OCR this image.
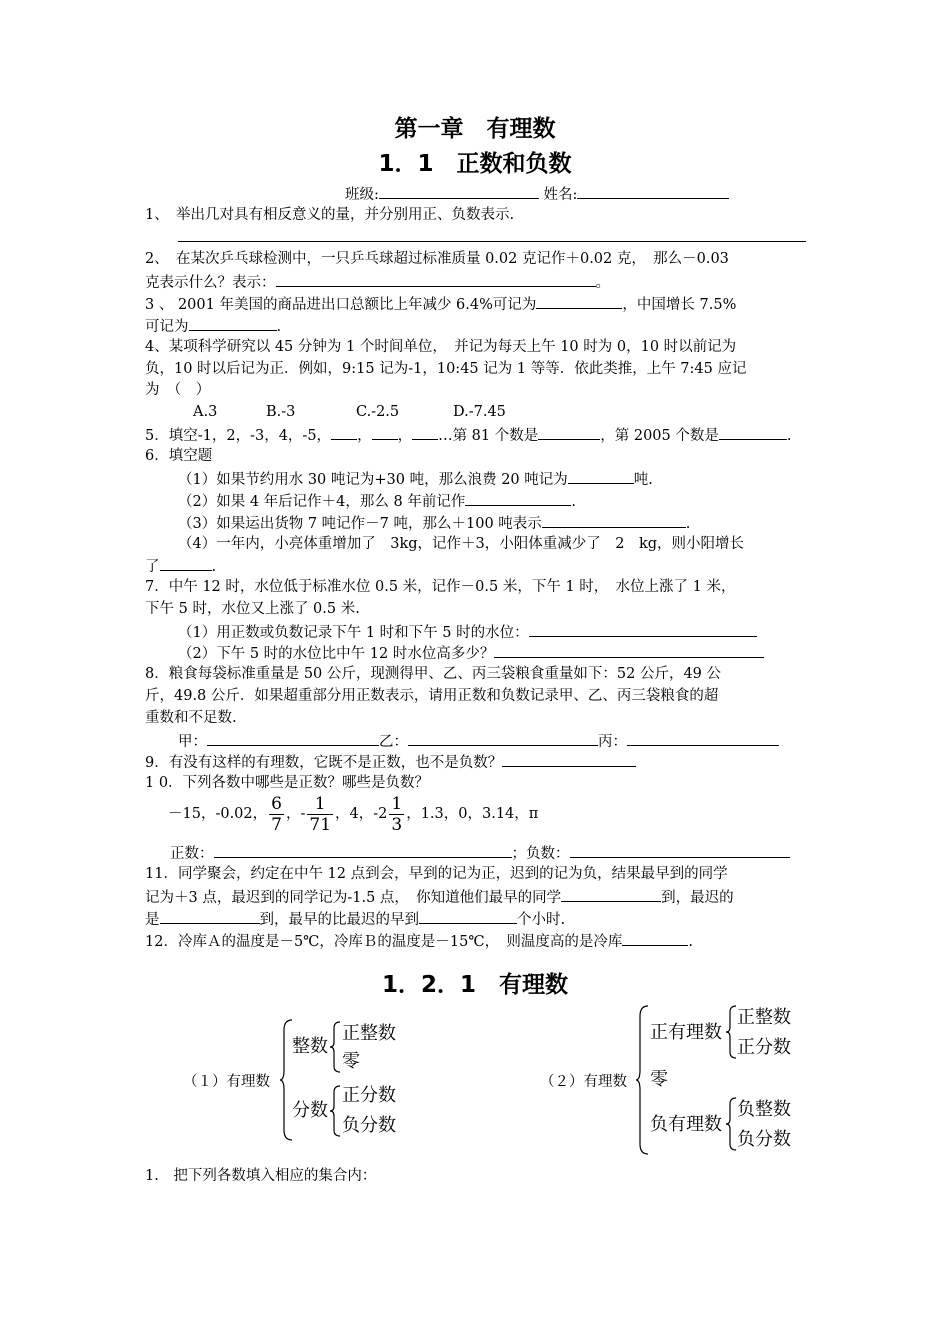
第一章　有理数
1．1　正数和负数
班级:	姓名:
1、　举出几对具有相反意义的量，并分别用正、负数表示.
2、　在某次乒乓球检测中，一只乒乓球超过标准质量 0.02 克记作＋0.02 克，　那么－0.03
克表示什么？表示：	。
3 、 2001 年美国的商品进出口总额比上年减少 6.4%可记为	，中国增长 7.5%
可记为	.
4、某项科学研究以 45 分钟为 1 个时间单位，　并记为每天上午 10 时为 0，10 时以前记为
负，10 时以后记为正．例如，9:15 记为-1，10:45 记为 1 等等．依此类推，上午 7:45 应记
为　（　）
A.3	B.-3	C.-2.5	D.-7.45
5．填空-1，2，-3，4，-5， ， ， …第 81 个数是	，第 2005 个数是	.
6．填空题
（1）如果节约用水 30 吨记为+30 吨，那么浪费 20 吨记为	吨.
（2）如果 4 年后记作＋4，那么 8 年前记作	.
（3）如果运出货物 7 吨记作－7 吨，那么＋100 吨表示	.
（4）一年内，小亮体重增加了　3kg，记作＋3，小阳体重减少了　2　kg，则小阳增长
了	.
7．中午 12 时，水位低于标准水位 0.5 米，记作－0.5 米，下午 1 时，　水位上涨了 1 米，
下午 5 时，水位又上涨了 0.5 米.
（1）用正数或负数记录下午 1 时和下午 5 时的水位：
（2）下午 5 时的水位比中午 12 时水位高多少？
8．粮食每袋标准重量是 50 公斤，现测得甲、乙、丙三袋粮食重量如下：52 公斤，49 公
斤，49.8 公斤．如果超重部分用正数表示，请用正数和负数记录甲、乙、丙三袋粮食的超
重数和不足数.
甲：	乙：	丙：
9．有没有这样的有理数，它既不是正数，也不是负数？
1 0．下列各数中哪些是正数？哪些是负数？
－15，-0.02， $\frac{6}{7}$ ，- $\frac{1}{71}$ ，4，$-2 \frac{1}{3}$ ，1.3，0，3.14，π
正数：	；负数：
11．同学聚会，约定在中午 12 点到会，早到的记为正，迟到的记为负，结果最早到的同学
记为＋3 点，最迟到的同学记为-1.5 点，　你知道他们最早的同学	到，最迟的
是	到，最早的比最迟的早到	个小时.
12．冷库Ａ的温度是－5℃，冷库Ｂ的温度是－15℃，　则温度高的是冷库	.
1．2．1　有理数
（１）有理数
整数
正整数
零
分数
正分数
负分数
（２）有理数
正有理数
正整数
正分数
零
负有理数
负整数
负分数
1.　把下列各数填入相应的集合内：
